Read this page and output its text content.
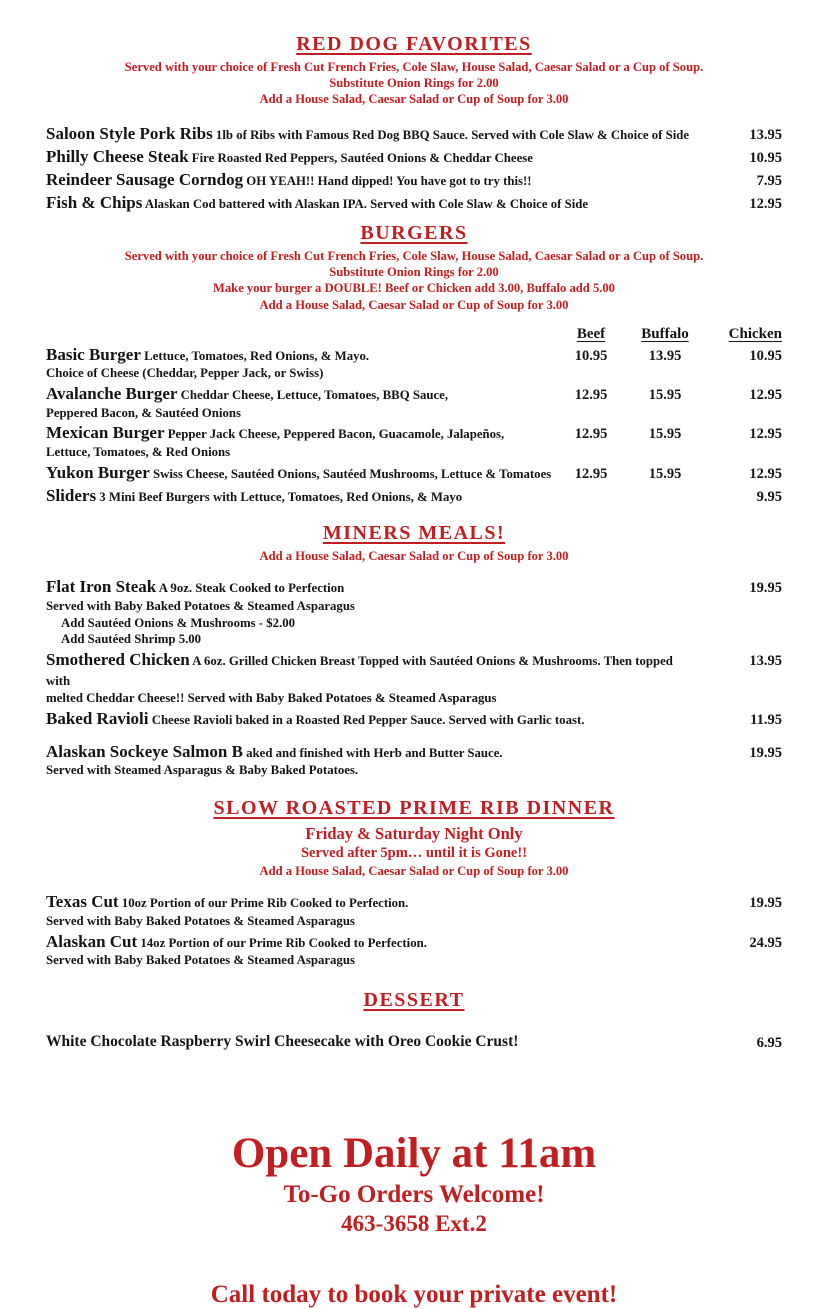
RED DOG FAVORITES
Served with your choice of Fresh Cut French Fries, Cole Slaw, House Salad, Caesar Salad or a Cup of Soup.
Substitute Onion Rings for 2.00
Add a House Salad, Caesar Salad or Cup of Soup for 3.00
Saloon Style Pork Ribs 1lb of Ribs with Famous Red Dog BBQ Sauce. Served with Cole Slaw & Choice of Side	13.95
Philly Cheese Steak Fire Roasted Red Peppers, Sautéed Onions & Cheddar Cheese	10.95
Reindeer Sausage Corndog OH YEAH!! Hand dipped! You have got to try this!!	7.95
Fish & Chips Alaskan Cod battered with Alaskan IPA. Served with Cole Slaw & Choice of Side	12.95
BURGERS
Served with your choice of Fresh Cut French Fries, Cole Slaw, House Salad, Caesar Salad or a Cup of Soup.
Substitute Onion Rings for 2.00
Make your burger a DOUBLE! Beef or Chicken add 3.00, Buffalo add 5.00
Add a House Salad, Caesar Salad or Cup of Soup for 3.00
Beef	Buffalo	Chicken
Basic Burger Lettuce, Tomatoes, Red Onions, & Mayo.
Choice of Cheese (Cheddar, Pepper Jack, or Swiss)
10.95	13.95	10.95
Avalanche Burger Cheddar Cheese, Lettuce, Tomatoes, BBQ Sauce,
Peppered Bacon, & Sautéed Onions
12.95	15.95	12.95
Mexican Burger Pepper Jack Cheese, Peppered Bacon, Guacamole, Jalapeños,
Lettuce, Tomatoes, & Red Onions
12.95	15.95	12.95
Yukon Burger Swiss Cheese, Sautéed Onions, Sautéed Mushrooms, Lettuce & Tomatoes	12.95	15.95	12.95
Sliders 3 Mini Beef Burgers with Lettuce, Tomatoes, Red Onions, & Mayo	9.95
MINERS MEALS!
Add a House Salad, Caesar Salad or Cup of Soup for 3.00
Flat Iron Steak A 9oz. Steak Cooked to Perfection
Served with Baby Baked Potatoes & Steamed Asparagus
Add Sautéed Onions & Mushrooms - $2.00
Add Sautéed Shrimp 5.00
19.95
Smothered Chicken A 6oz. Grilled Chicken Breast Topped with Sautéed Onions & Mushrooms. Then topped with
melted Cheddar Cheese!! Served with Baby Baked Potatoes & Steamed Asparagus
13.95
Baked Ravioli Cheese Ravioli baked in a Roasted Red Pepper Sauce. Served with Garlic toast.	11.95
Alaskan Sockeye Salmon B aked and finished with Herb and Butter Sauce.
Served with Steamed Asparagus & Baby Baked Potatoes.
19.95
SLOW ROASTED PRIME RIB DINNER
Friday & Saturday Night Only
Served after 5pm… until it is Gone!!
Add a House Salad, Caesar Salad or Cup of Soup for 3.00
Texas Cut 10oz Portion of our Prime Rib Cooked to Perfection.
Served with Baby Baked Potatoes & Steamed Asparagus
19.95
Alaskan Cut 14oz Portion of our Prime Rib Cooked to Perfection.
Served with Baby Baked Potatoes & Steamed Asparagus
24.95
DESSERT
White Chocolate Raspberry Swirl Cheesecake with Oreo Cookie Crust!	6.95
Open Daily at 11am
To-Go Orders Welcome!
463-3658 Ext.2
Call today to book your private event!
